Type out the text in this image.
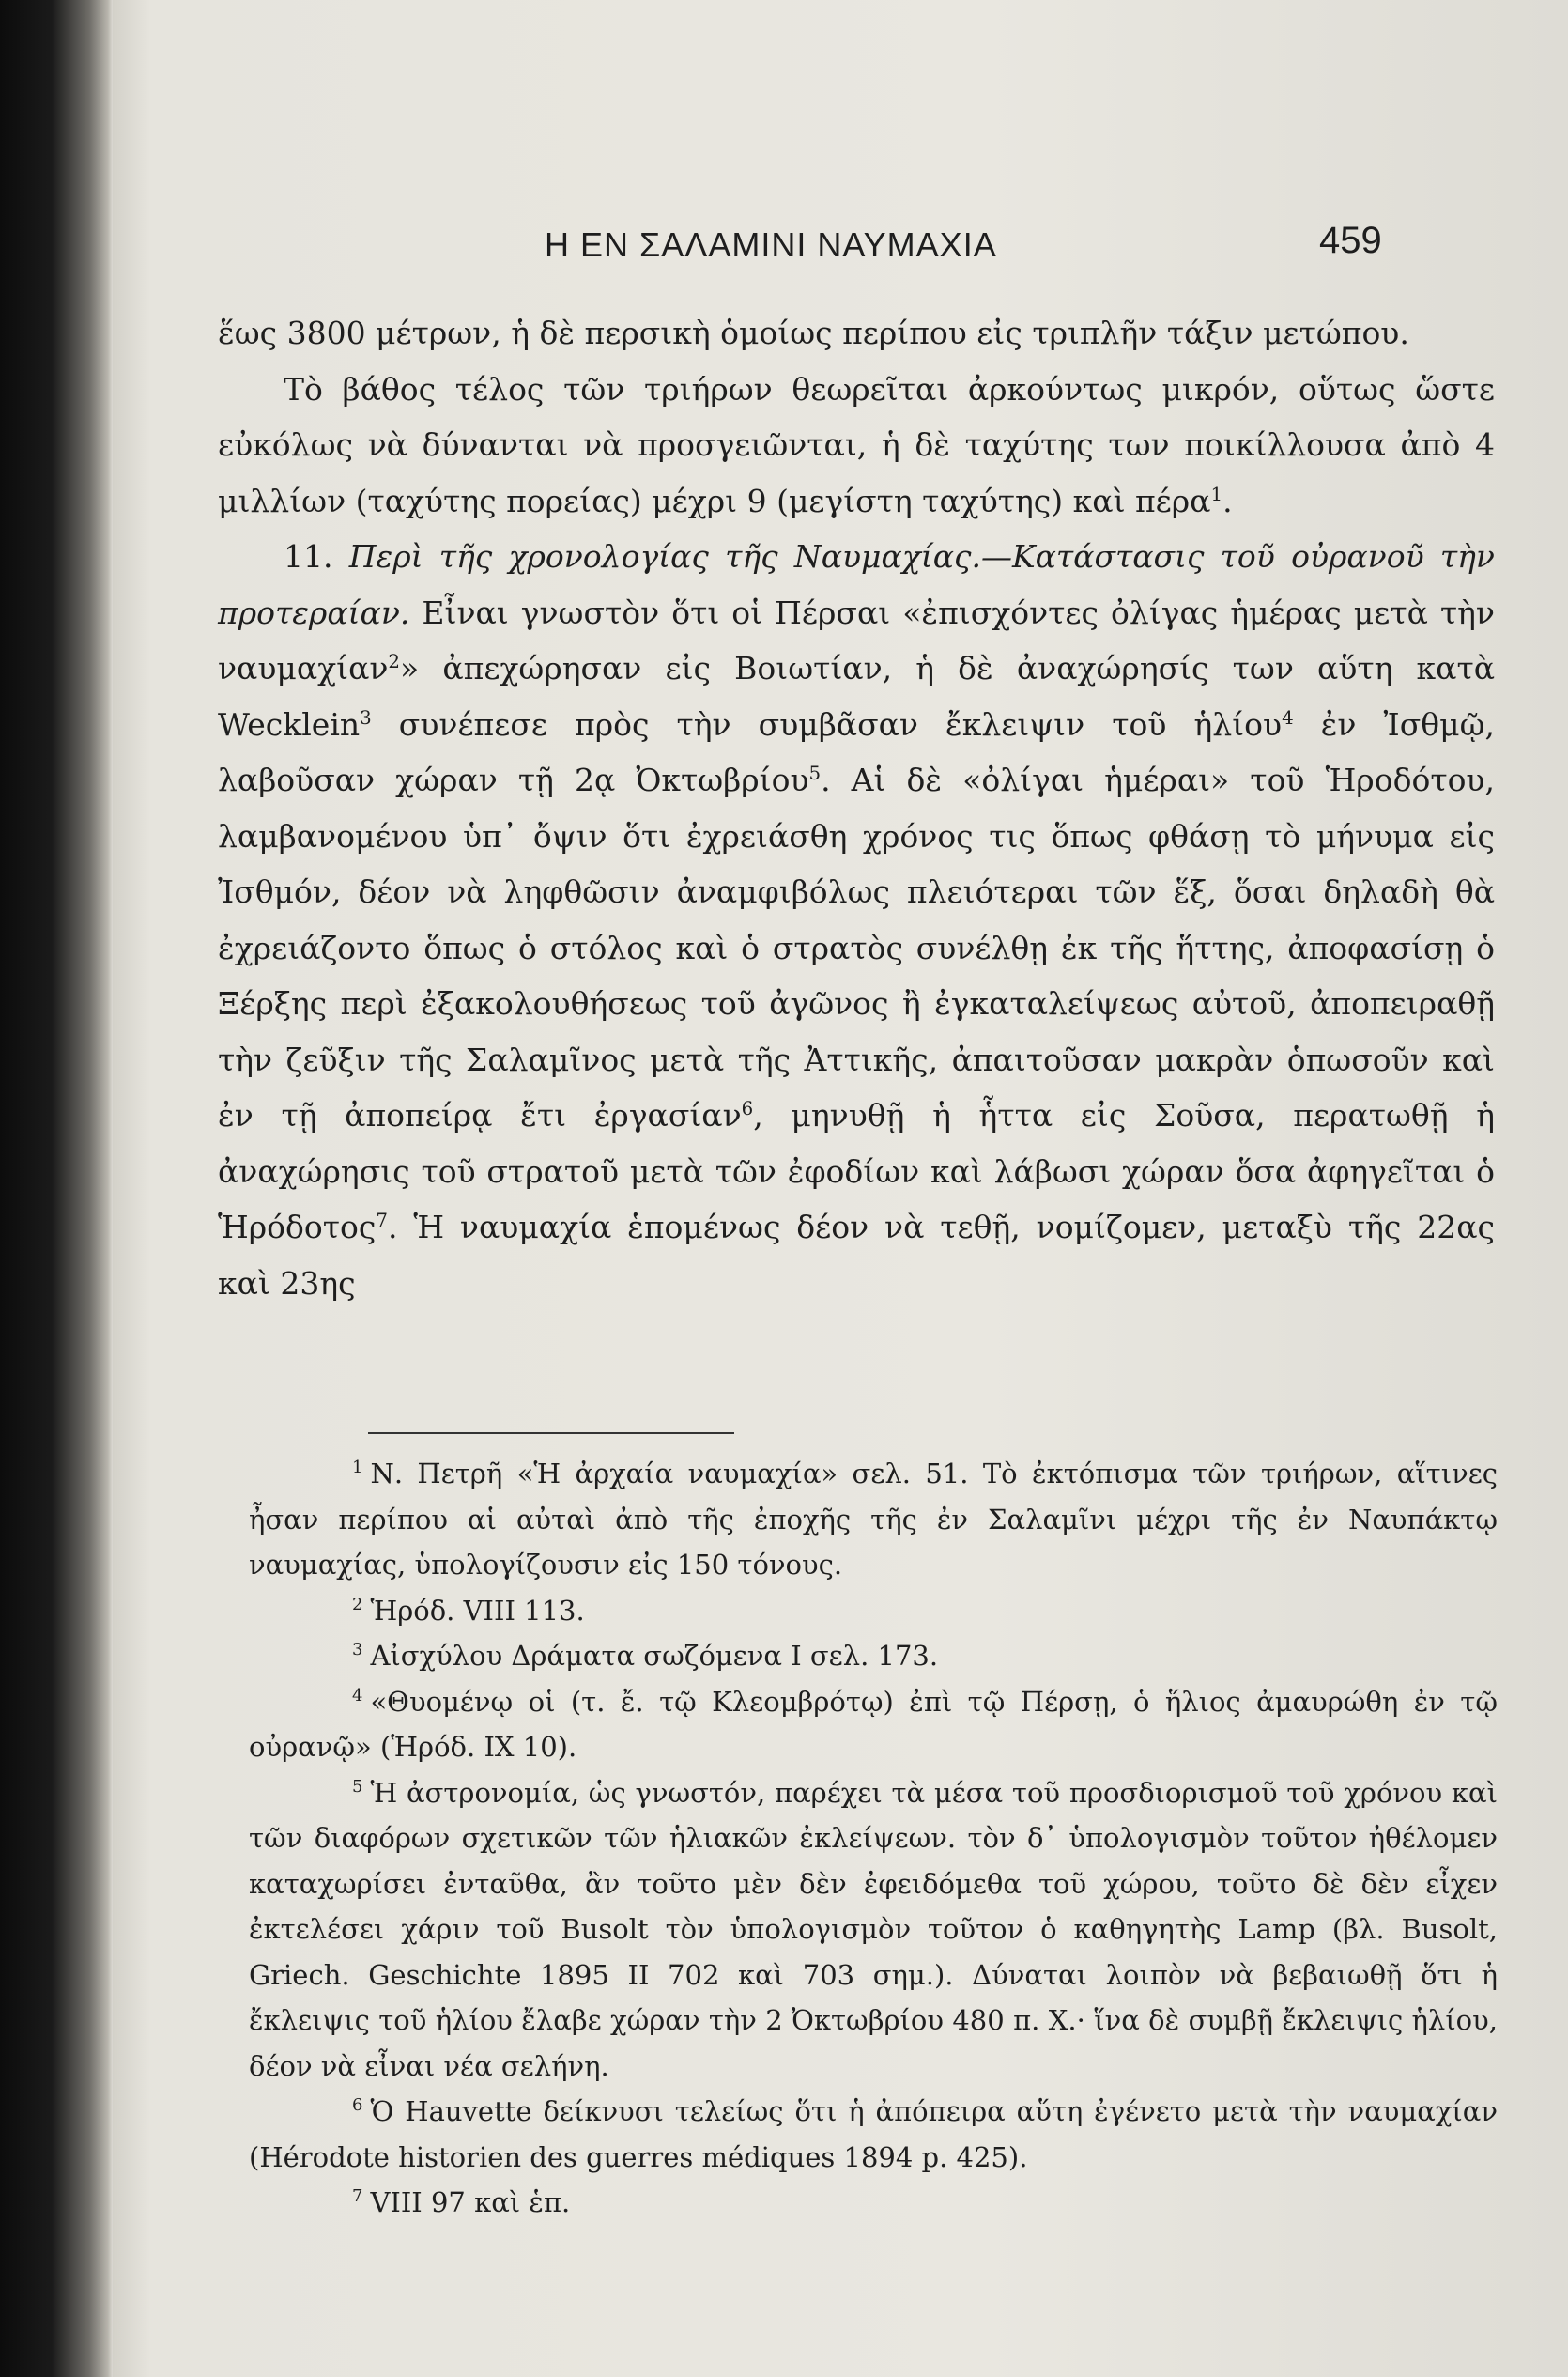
Η ΕΝ ΣΑΛΑΜΙΝΙ ΝΑΥΜΑΧΙΑ	459

ἕως 3800 μέτρων, ἡ δὲ περσικὴ ὁμοίως περίπου εἰς τριπλῆν τάξιν μετώπου.

Τὸ βάθος τέλος τῶν τριήρων θεωρεῖται ἀρκούντως μικρόν, οὕτως ὥστε εὐκόλως νὰ δύνανται νὰ προσγειῶνται, ἡ δὲ ταχύτης των ποικίλλουσα ἀπὸ 4 μιλλίων (ταχύτης πορείας) μέχρι 9 (μεγίστη ταχύτης) καὶ πέρα$^1$.

11. Περὶ τῆς χρονολογίας τῆς Ναυμαχίας.—Κατάστασις τοῦ οὐρανοῦ τὴν προτεραίαν. Εἶναι γνωστὸν ὅτι οἱ Πέρσαι «ἐπισχόντες ὀλίγας ἡμέρας μετὰ τὴν ναυμαχίαν$^2$» ἀπεχώρησαν εἰς Βοιωτίαν, ἡ δὲ ἀναχώρησίς των αὕτη κατὰ Wecklein$^3$ συνέπεσε πρὸς τὴν συμβᾶσαν ἔκλειψιν τοῦ ἡλίου$^4$ ἐν Ἰσθμῷ, λαβοῦσαν χώραν τῇ 2ᾳ Ὀκτωβρίου$^5$. Αἱ δὲ «ὀλίγαι ἡμέραι» τοῦ Ἡροδότου, λαμβανομένου ὑπ᾽ ὄψιν ὅτι ἐχρειάσθη χρόνος τις ὅπως φθάσῃ τὸ μήνυμα εἰς Ἰσθμόν, δέον νὰ ληφθῶσιν ἀναμφιβόλως πλειότεραι τῶν ἕξ, ὅσαι δηλαδὴ θὰ ἐχρειάζοντο ὅπως ὁ στόλος καὶ ὁ στρατὸς συνέλθῃ ἐκ τῆς ἥττης, ἀποφασίσῃ ὁ Ξέρξης περὶ ἐξακολουθήσεως τοῦ ἀγῶνος ἢ ἐγκαταλείψεως αὐτοῦ, ἀποπειραθῇ τὴν ζεῦξιν τῆς Σαλαμῖνος μετὰ τῆς Ἀττικῆς, ἀπαιτοῦσαν μακρὰν ὁπωσοῦν καὶ ἐν τῇ ἀποπείρᾳ ἔτι ἐργασίαν$^6$, μηνυθῇ ἡ ἧττα εἰς Σοῦσα, περατωθῇ ἡ ἀναχώρησις τοῦ στρατοῦ μετὰ τῶν ἐφοδίων καὶ λάβωσι χώραν ὅσα ἀφηγεῖται ὁ Ἡρόδοτος$^7$. Ἡ ναυμαχία ἑπομένως δέον νὰ τεθῇ, νομίζομεν, μεταξὺ τῆς 22ας καὶ 23ης

1 Ν. Πετρῆ «Ἡ ἀρχαία ναυμαχία» σελ. 51. Τὸ ἐκτόπισμα τῶν τριήρων, αἵτινες ἦσαν περίπου αἱ αὐταὶ ἀπὸ τῆς ἐποχῆς τῆς ἐν Σαλαμῖνι μέχρι τῆς ἐν Ναυπάκτῳ ναυμαχίας, ὑπολογίζουσιν εἰς 150 τόνους.

2 Ἡρόδ. VIII 113.

3 Αἰσχύλου Δράματα σωζόμενα Ι σελ. 173.

4 «Θυομένῳ οἱ (τ. ἔ. τῷ Κλεομβρότῳ) ἐπὶ τῷ Πέρσῃ, ὁ ἥλιος ἀμαυρώθη ἐν τῷ οὐρανῷ» (Ἡρόδ. ΙΧ 10).

5 Ἡ ἀστρονομία, ὡς γνωστόν, παρέχει τὰ μέσα τοῦ προσδιορισμοῦ τοῦ χρόνου καὶ τῶν διαφόρων σχετικῶν τῶν ἡλιακῶν ἐκλείψεων. τὸν δ᾽ ὑπολογισμὸν τοῦτον ἠθέλομεν καταχωρίσει ἐνταῦθα, ἂν τοῦτο μὲν δὲν ἐφειδόμεθα τοῦ χώρου, τοῦτο δὲ δὲν εἶχεν ἐκτελέσει χάριν τοῦ Busolt τὸν ὑπολογισμὸν τοῦτον ὁ καθηγητὴς Lamp (βλ. Busolt, Griech. Geschichte 1895 II 702 καὶ 703 σημ.). Δύναται λοιπὸν νὰ βεβαιωθῇ ὅτι ἡ ἔκλειψις τοῦ ἡλίου ἔλαβε χώραν τὴν 2 Ὀκτωβρίου 480 π. Χ.· ἵνα δὲ συμβῇ ἔκλειψις ἡλίου, δέον νὰ εἶναι νέα σελήνη.

6 Ὁ Hauvette δείκνυσι τελείως ὅτι ἡ ἀπόπειρα αὕτη ἐγένετο μετὰ τὴν ναυμαχίαν (Hérodote historien des guerres médiques 1894 p. 425).

7 VIII 97 καὶ ἑπ.
